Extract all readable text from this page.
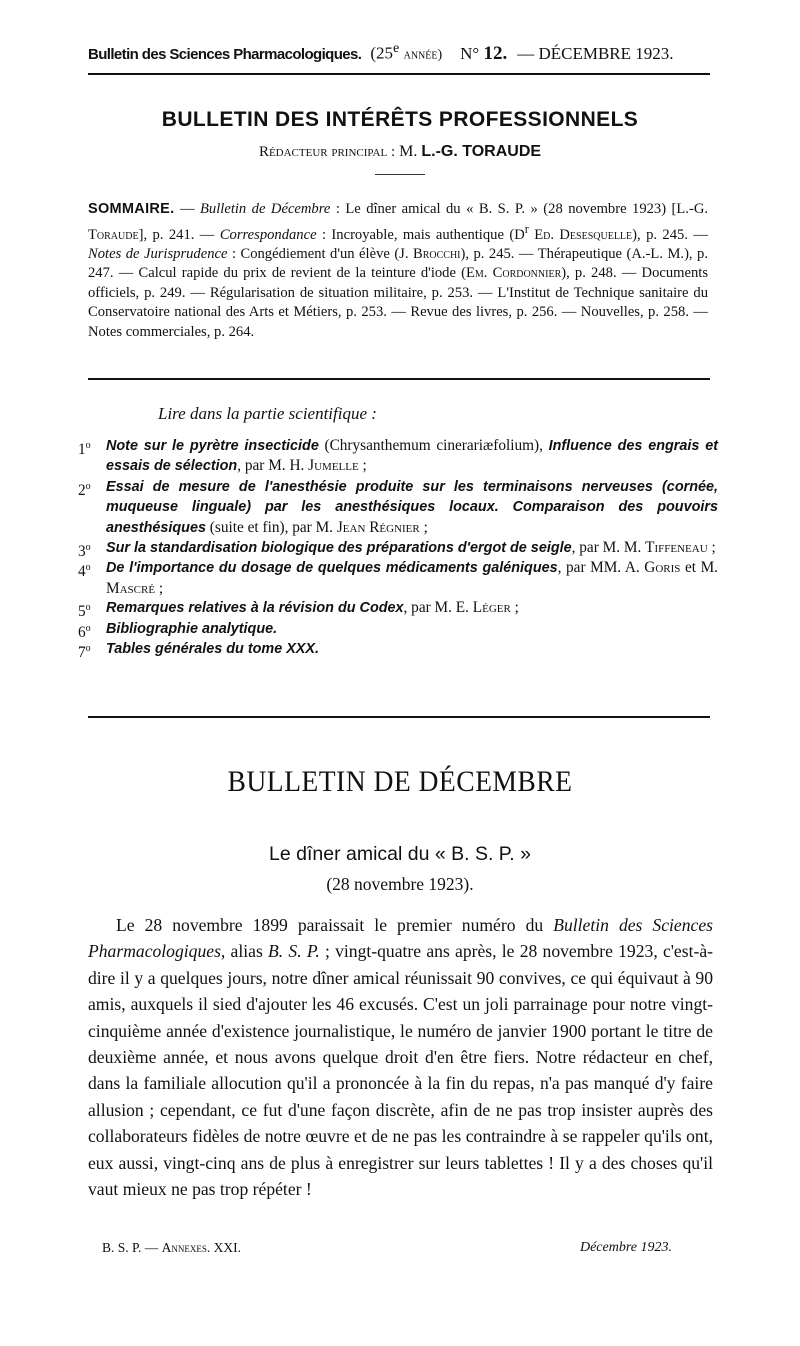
Bulletin des Sciences Pharmacologiques. (25e année) N° 12. — DÉCEMBRE 1923.
BULLETIN DES INTÉRÊTS PROFESSIONNELS
Rédacteur principal : M. L.-G. TORAUDE
SOMMAIRE. — Bulletin de Décembre : Le dîner amical du « B. S. P. » (28 novembre 1923) [L.-G. Toraude], p. 241. — Correspondance : Incroyable, mais authentique ($D^r$ Ed. Desesquelle), p. 245. — Notes de Jurisprudence : Congédiement d'un élève (J. Brocchi), p. 245. — Thérapeutique (A.-L. M.), p. 247. — Calcul rapide du prix de revient de la teinture d'iode (Em. Cordonnier), p. 248. — Documents officiels, p. 249. — Régularisation de situation militaire, p. 253. — L'Institut de Technique sanitaire du Conservatoire national des Arts et Métiers, p. 253. — Revue des livres, p. 256. — Nouvelles, p. 258. — Notes commerciales, p. 264.
Lire dans la partie scientifique :
1$^o$ Note sur le pyrètre insecticide (Chrysanthemum cinerariæfolium), Influence des engrais et essais de sélection, par M. H. Jumelle ;
2$^o$ Essai de mesure de l'anesthésie produite sur les terminaisons nerveuses (cornée, muqueuse linguale) par les anesthésiques locaux. Comparaison des pouvoirs anesthésiques (suite et fin), par M. Jean Régnier ;
3$^o$ Sur la standardisation biologique des préparations d'ergot de seigle, par M. M. Tiffeneau ;
4$^o$ De l'importance du dosage de quelques médicaments galéniques, par MM. A. Goris et M. Mascré ;
5$^o$ Remarques relatives à la révision du Codex, par M. E. Léger ;
6$^o$ Bibliographie analytique.
7$^o$ Tables générales du tome XXX.
BULLETIN DE DÉCEMBRE
Le dîner amical du « B. S. P. »
(28 novembre 1923).

Le 28 novembre 1899 paraissait le premier numéro du Bulletin des Sciences Pharmacologiques, alias B. S. P. ; vingt-quatre ans après, le 28 novembre 1923, c'est-à-dire il y a quelques jours, notre dîner amical réunissait 90 convives, ce qui équivaut à 90 amis, auxquels il sied d'ajouter les 46 excusés. C'est un joli parrainage pour notre vingt-cinquième année d'existence journalistique, le numéro de janvier 1900 portant le titre de deuxième année, et nous avons quelque droit d'en être fiers. Notre rédacteur en chef, dans la familiale allocution qu'il a prononcée à la fin du repas, n'a pas manqué d'y faire allusion ; cependant, ce fut d'une façon discrète, afin de ne pas trop insister auprès des collaborateurs fidèles de notre œuvre et de ne pas les contraindre à se rappeler qu'ils ont, eux aussi, vingt-cinq ans de plus à enregistrer sur leurs tablettes ! Il y a des choses qu'il vaut mieux ne pas trop répéter !

B. S. P. — Annexes. XXI.	Décembre 1923.
